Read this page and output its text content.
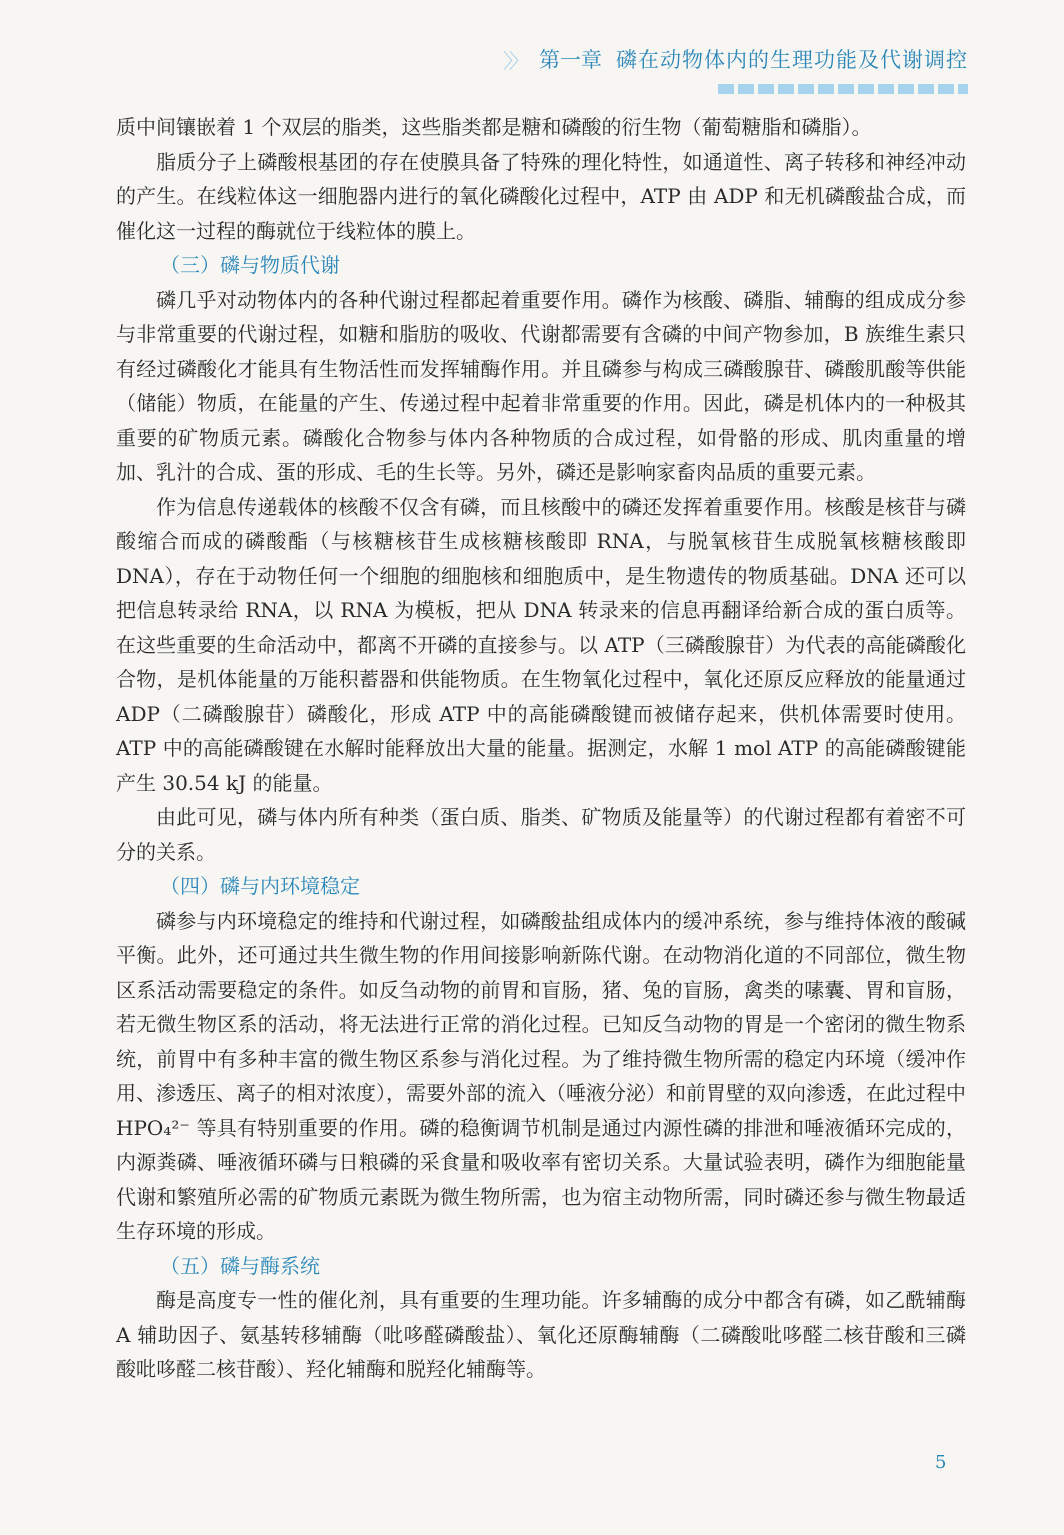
〉〉 第一章 磷在动物体内的生理功能及代谢调控

质中间镶嵌着 1 个双层的脂类，这些脂类都是糖和磷酸的衍生物（葡萄糖脂和磷脂）。

脂质分子上磷酸根基团的存在使膜具备了特殊的理化特性，如通道性、离子转移和神经冲动的产生。在线粒体这一细胞器内进行的氧化磷酸化过程中，ATP 由 ADP 和无机磷酸盐合成，而催化这一过程的酶就位于线粒体的膜上。

（三）磷与物质代谢

磷几乎对动物体内的各种代谢过程都起着重要作用。磷作为核酸、磷脂、辅酶的组成成分参与非常重要的代谢过程，如糖和脂肪的吸收、代谢都需要有含磷的中间产物参加，B 族维生素只有经过磷酸化才能具有生物活性而发挥辅酶作用。并且磷参与构成三磷酸腺苷、磷酸肌酸等供能（储能）物质，在能量的产生、传递过程中起着非常重要的作用。因此，磷是机体内的一种极其重要的矿物质元素。磷酸化合物参与体内各种物质的合成过程，如骨骼的形成、肌肉重量的增加、乳汁的合成、蛋的形成、毛的生长等。另外，磷还是影响家畜肉品质的重要元素。

作为信息传递载体的核酸不仅含有磷，而且核酸中的磷还发挥着重要作用。核酸是核苷与磷酸缩合而成的磷酸酯（与核糖核苷生成核糖核酸即 RNA，与脱氧核苷生成脱氧核糖核酸即 DNA），存在于动物任何一个细胞的细胞核和细胞质中，是生物遗传的物质基础。DNA 还可以把信息转录给 RNA，以 RNA 为模板，把从 DNA 转录来的信息再翻译给新合成的蛋白质等。在这些重要的生命活动中，都离不开磷的直接参与。以 ATP（三磷酸腺苷）为代表的高能磷酸化合物，是机体能量的万能积蓄器和供能物质。在生物氧化过程中，氧化还原反应释放的能量通过 ADP（二磷酸腺苷）磷酸化，形成 ATP 中的高能磷酸键而被储存起来，供机体需要时使用。ATP 中的高能磷酸键在水解时能释放出大量的能量。据测定，水解 1 mol ATP 的高能磷酸键能产生 30.54 kJ 的能量。

由此可见，磷与体内所有种类（蛋白质、脂类、矿物质及能量等）的代谢过程都有着密不可分的关系。

（四）磷与内环境稳定

磷参与内环境稳定的维持和代谢过程，如磷酸盐组成体内的缓冲系统，参与维持体液的酸碱平衡。此外，还可通过共生微生物的作用间接影响新陈代谢。在动物消化道的不同部位，微生物区系活动需要稳定的条件。如反刍动物的前胃和盲肠，猪、兔的盲肠，禽类的嗉囊、胃和盲肠，若无微生物区系的活动，将无法进行正常的消化过程。已知反刍动物的胃是一个密闭的微生物系统，前胃中有多种丰富的微生物区系参与消化过程。为了维持微生物所需的稳定内环境（缓冲作用、渗透压、离子的相对浓度），需要外部的流入（唾液分泌）和前胃壁的双向渗透，在此过程中 HPO₄²⁻ 等具有特别重要的作用。磷的稳衡调节机制是通过内源性磷的排泄和唾液循环完成的，内源粪磷、唾液循环磷与日粮磷的采食量和吸收率有密切关系。大量试验表明，磷作为细胞能量代谢和繁殖所必需的矿物质元素既为微生物所需，也为宿主动物所需，同时磷还参与微生物最适生存环境的形成。

（五）磷与酶系统

酶是高度专一性的催化剂，具有重要的生理功能。许多辅酶的成分中都含有磷，如乙酰辅酶 A 辅助因子、氨基转移辅酶（吡哆醛磷酸盐）、氧化还原酶辅酶（二磷酸吡哆醛二核苷酸和三磷酸吡哆醛二核苷酸）、羟化辅酶和脱羟化辅酶等。

5
